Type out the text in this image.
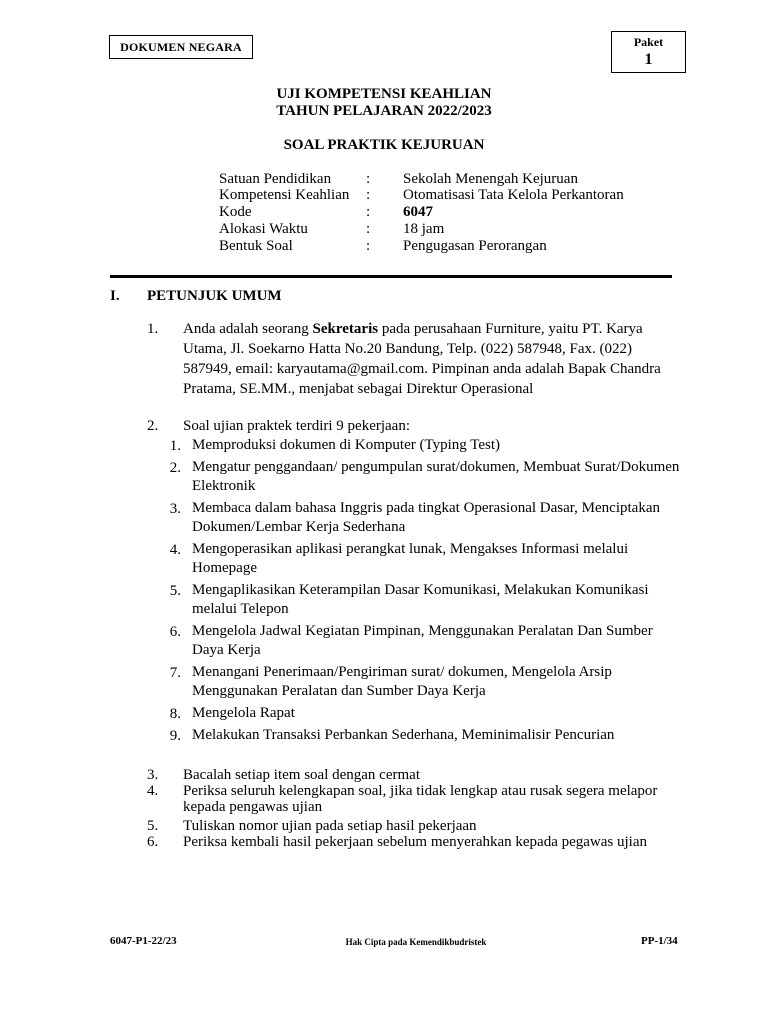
DOKUMEN NEGARA	Paket
1
UJI KOMPETENSI KEAHLIAN
TAHUN PELAJARAN 2022/2023
SOAL PRAKTIK KEJURUAN
Satuan Pendidikan : Sekolah Menengah Kejuruan
Kompetensi Keahlian : Otomatisasi Tata Kelola Perkantoran
Kode	: 6047
Alokasi Waktu	: 18 jam
Bentuk Soal	: Pengugasan Perorangan
I. PETUNJUK UMUM
1. Anda adalah seorang Sekretaris pada perusahaan Furniture, yaitu PT. Karya Utama, Jl. Soekarno Hatta No.20 Bandung, Telp. (022) 587948, Fax. (022) 587949, email: karyautama@gmail.com. Pimpinan anda adalah Bapak Chandra Pratama, SE.MM., menjabat sebagai Direktur Operasional
2. Soal ujian praktek terdiri 9 pekerjaan:
1. Memproduksi dokumen di Komputer (Typing Test)
2. Mengatur penggandaan/ pengumpulan surat/dokumen, Membuat Surat/Dokumen Elektronik
3. Membaca dalam bahasa Inggris pada tingkat Operasional Dasar, Menciptakan Dokumen/Lembar Kerja Sederhana
4. Mengoperasikan aplikasi perangkat lunak, Mengakses Informasi melalui Homepage
5. Mengaplikasikan Keterampilan Dasar Komunikasi, Melakukan Komunikasi melalui Telepon
6. Mengelola Jadwal Kegiatan Pimpinan, Menggunakan Peralatan Dan Sumber Daya Kerja
7. Menangani Penerimaan/Pengiriman surat/ dokumen, Mengelola Arsip Menggunakan Peralatan dan Sumber Daya Kerja
8. Mengelola Rapat
9. Melakukan Transaksi Perbankan Sederhana, Meminimalisir Pencurian
3. Bacalah setiap item soal dengan cermat
4. Periksa seluruh kelengkapan soal, jika tidak lengkap atau rusak segera melapor kepada pengawas ujian
5. Tuliskan nomor ujian pada setiap hasil pekerjaan
6. Periksa kembali hasil pekerjaan sebelum menyerahkan kepada pegawas ujian
6047-P1-22/23	Hak Cipta pada Kemendikbudristek	PP-1/34
